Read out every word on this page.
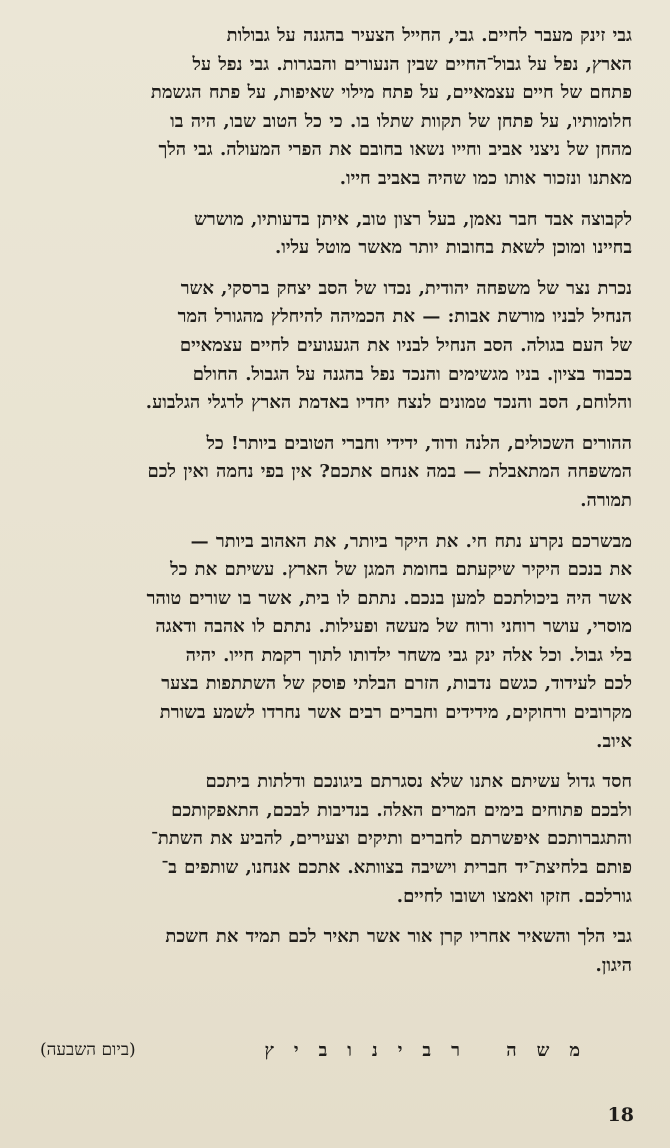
גבי זינק מעבר לחיים. גבי, החייל הצעיר בהגנה על גבולות
הארץ, נפל על גבול־החיים שבין הנעורים והבגרות. גבי נפל על
פתחם של חיים עצמאיים, על פתח מילוי שאיפות, על פתח הגשמת
חלומותיו, על פתחן של תקוות שתלו בו. כי כל הטוב שבו, היה בו
מהחן של ניצני אביב וחייו נשאו בחובם את הפרי המעולה. גבי הלך
מאתנו ונזכור אותו כמו שהיה באביב חייו.

לקבוצה אבד חבר נאמן, בעל רצון טוב, איתן בדעותיו, מושרש
בחיינו ומוכן לשאת בחובות יותר מאשר מוטל עליו.

נכרת נצר של משפחה יהודית, נכדו של הסב יצחק ברסקי, אשר
הנחיל לבניו מורשת אבות: — את הכמיהה להיחלץ מהגורל המר
של העם בגולה. הסב הנחיל לבניו את הגעגועים לחיים עצמאיים
בכבוד בציון. בניו מגשימים והנכד נפל בהגנה על הגבול. החולם
והלוחם, הסב והנכד טמונים לנצח יחדיו באדמת הארץ לרגלי הגלבוע.

ההורים השכולים, הלנה ודוד, ידידי וחברי הטובים ביותר! כל
המשפחה המתאבלת — במה אנחם אתכם? אין בפי נחמה ואין לכם
תמורה.

מבשרכם נקרע נתח חי. את היקר ביותר, את האהוב ביותר —
את בנכם היקיר שיקעתם בחומת המגן של הארץ. עשיתם את כל
אשר היה ביכולתכם למען בנכם. נתתם לו בית, אשר בו שורים טוהר
מוסרי, עושר רוחני ורוח של מעשה ופעילות. נתתם לו אהבה ודאגה
בלי גבול. וכל אלה ינק גבי משחר ילדותו לתוך רקמת חייו. יהיה
לכם לעידוד, כגשם נדבות, הזרם הבלתי פוסק של השתתפות בצער
מקרובים ורחוקים, מידידים וחברים רבים אשר נחרדו לשמע בשורת
איוב.

חסד גדול עשיתם אתנו שלא נסגרתם ביגונכם ודלתות ביתכם
ולבכם פתוחים בימים המרים האלה. בנדיבות לבכם, התאפקותכם
והתגברותכם איפשרתם לחברים ותיקים וצעירים, להביע את השתת־
פותם בלחיצת־יד חברית וישיבה בצוותא. אתכם אנחנו, שותפים ב־
גורלכם. חזקו ואמצו ושובו לחיים.

גבי הלך והשאיר אחריו קרן אור אשר תאיר לכם תמיד את חשכת
היגון.

משה רבינוביץ
(ביום השבעה)
18
